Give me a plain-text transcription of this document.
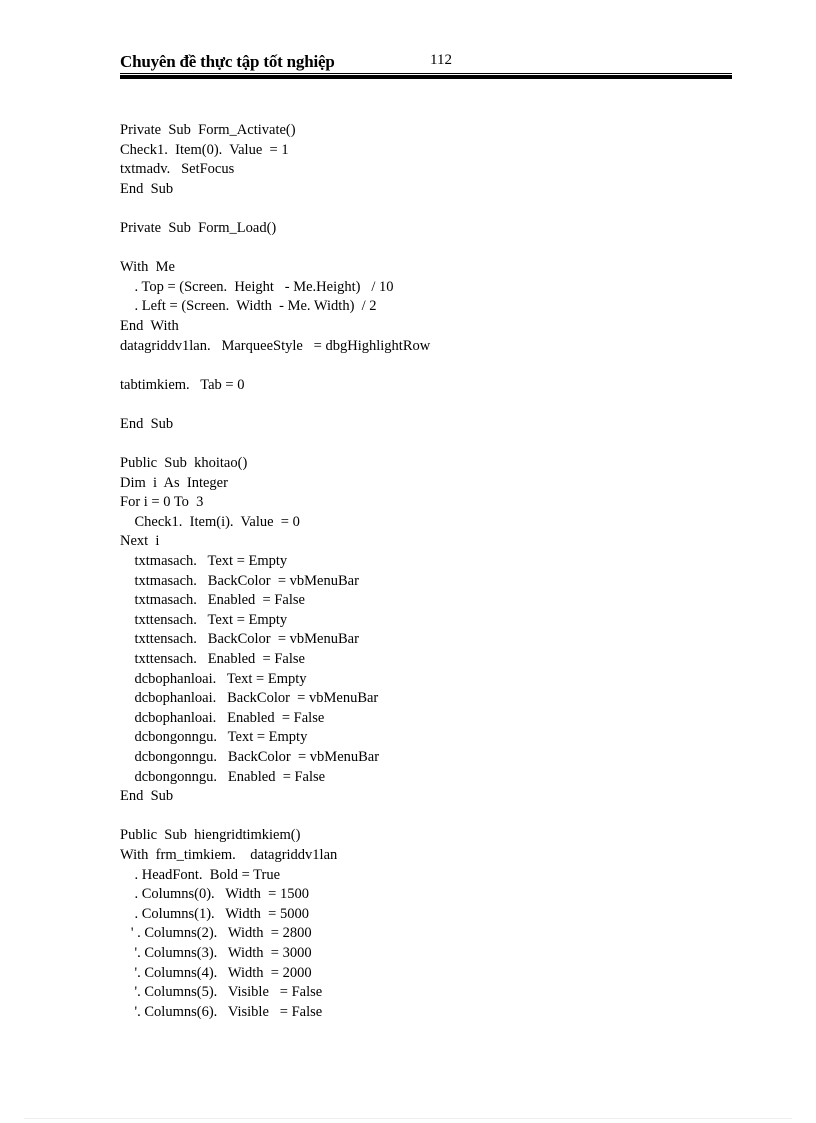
Chuyên đề thực tập tốt nghiệp	112
Private  Sub  Form_Activate()
Check1.  Item(0).  Value  = 1
txtmadv.   SetFocus
End  Sub
Private  Sub  Form_Load()
With  Me
. Top = (Screen.  Height   - Me.Height)   / 10
. Left = (Screen.  Width  - Me. Width)  / 2
End  With
datagriddv1lan.   MarqueeStyle   = dbgHighlightRow
tabtimkiem.   Tab = 0
End  Sub
Public  Sub  khoitao()
Dim  i  As  Integer
For i = 0 To  3
Check1.  Item(i).  Value  = 0
Next  i
txtmasach.   Text = Empty
txtmasach.   BackColor  = vbMenuBar
txtmasach.   Enabled  = False
txttensach.   Text = Empty
txttensach.   BackColor  = vbMenuBar
txttensach.   Enabled  = False
dcbophanloai.   Text = Empty
dcbophanloai.   BackColor  = vbMenuBar
dcbophanloai.   Enabled  = False
dcbongonngu.   Text = Empty
dcbongonngu.   BackColor  = vbMenuBar
dcbongonngu.   Enabled  = False
End  Sub
Public  Sub  hiengridtimkiem()
With  frm_timkiem.    datagriddv1lan
. HeadFont.  Bold = True
. Columns(0).   Width  = 1500
. Columns(1).   Width  = 5000
' . Columns(2).   Width  = 2800
'. Columns(3).   Width  = 3000
'. Columns(4).   Width  = 2000
'. Columns(5).   Visible   = False
'. Columns(6).   Visible   = False
